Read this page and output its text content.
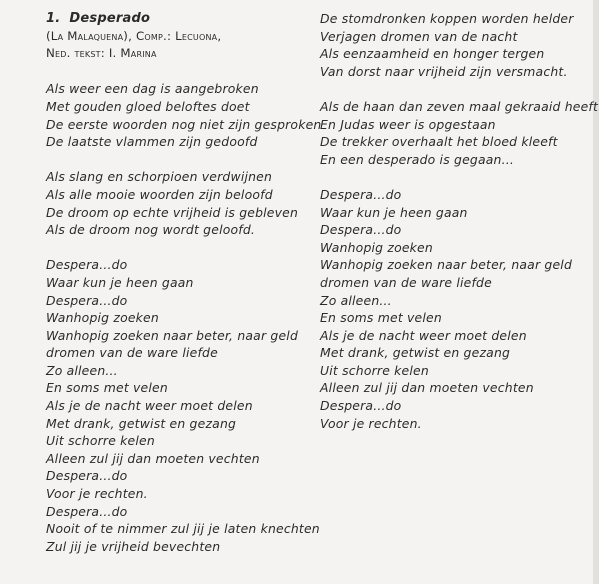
1. Desperado
(La Malaquena), Comp.: Lecuona,
Ned. tekst: I. Marina
Als weer een dag is aangebroken
Met gouden gloed beloftes doet
De eerste woorden nog niet zijn gesproken
De laatste vlammen zijn gedoofd
Als slang en schorpioen verdwijnen
Als alle mooie woorden zijn beloofd
De droom op echte vrijheid is gebleven
Als de droom nog wordt geloofd.
Despera...do
Waar kun je heen gaan
Despera...do
Wanhopig zoeken
Wanhopig zoeken naar beter, naar geld
dromen van de ware liefde
Zo alleen...
En soms met velen
Als je de nacht weer moet delen
Met drank, getwist en gezang
Uit schorre kelen
Alleen zul jij dan moeten vechten
Despera...do
Voor je rechten.
Despera...do
Nooit of te nimmer zul jij je laten knechten
Zul jij je vrijheid bevechten
De stomdronken koppen worden helder
Verjagen dromen van de nacht
Als eenzaamheid en honger tergen
Van dorst naar vrijheid zijn versmacht.
Als de haan dan zeven maal gekraaid heeft
En Judas weer is opgestaan
De trekker overhaalt het bloed kleeft
En een desperado is gegaan...
Despera...do
Waar kun je heen gaan
Despera...do
Wanhopig zoeken
Wanhopig zoeken naar beter, naar geld
dromen van de ware liefde
Zo alleen...
En soms met velen
Als je de nacht weer moet delen
Met drank, getwist en gezang
Uit schorre kelen
Alleen zul jij dan moeten vechten
Despera...do
Voor je rechten.
